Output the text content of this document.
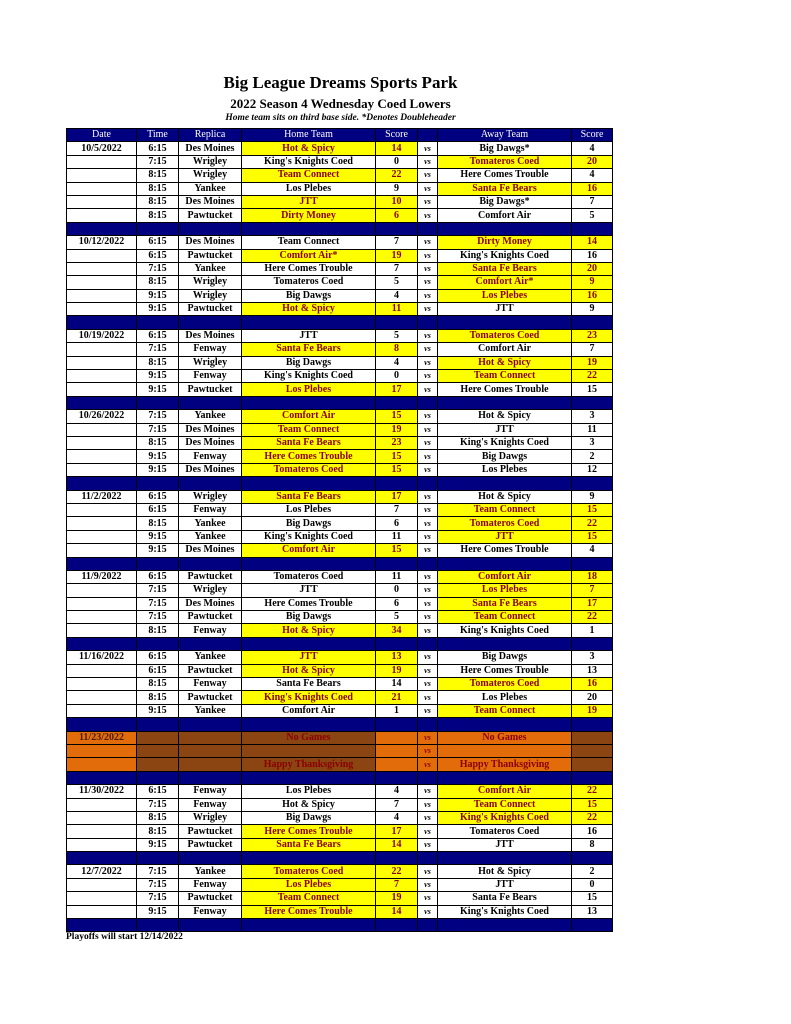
Big League Dreams Sports Park
2022 Season 4 Wednesday Coed Lowers
Home team sits on third base side. *Denotes Doubleheader
Date	Time	Replica	Home Team	Score		Away Team	Score
10/5/2022	6:15	Des Moines	Hot & Spicy	14	vs	Big Dawgs*	4
	7:15	Wrigley	King's Knights Coed	0	vs	Tomateros Coed	20
	8:15	Wrigley	Team Connect	22	vs	Here Comes Trouble	4
	8:15	Yankee	Los Plebes	9	vs	Santa Fe Bears	16
	8:15	Des Moines	JTT	10	vs	Big Dawgs*	7
	8:15	Pawtucket	Dirty Money	6	vs	Comfort Air	5

10/12/2022	6:15	Des Moines	Team Connect	7	vs	Dirty Money	14
	6:15	Pawtucket	Comfort Air*	19	vs	King's Knights Coed	16
	7:15	Yankee	Here Comes Trouble	7	vs	Santa Fe Bears	20
	8:15	Wrigley	Tomateros Coed	5	vs	Comfort Air*	9
	9:15	Wrigley	Big Dawgs	4	vs	Los Plebes	16
	9:15	Pawtucket	Hot & Spicy	11	vs	JTT	9

10/19/2022	6:15	Des Moines	JTT	5	vs	Tomateros Coed	23
	7:15	Fenway	Santa Fe Bears	8	vs	Comfort Air	7
	8:15	Wrigley	Big Dawgs	4	vs	Hot & Spicy	19
	9:15	Fenway	King's Knights Coed	0	vs	Team Connect	22
	9:15	Pawtucket	Los Plebes	17	vs	Here Comes Trouble	15

10/26/2022	7:15	Yankee	Comfort Air	15	vs	Hot & Spicy	3
	7:15	Des Moines	Team Connect	19	vs	JTT	11
	8:15	Des Moines	Santa Fe Bears	23	vs	King's Knights Coed	3
	9:15	Fenway	Here Comes Trouble	15	vs	Big Dawgs	2
	9:15	Des Moines	Tomateros Coed	15	vs	Los Plebes	12

11/2/2022	6:15	Wrigley	Santa Fe Bears	17	vs	Hot & Spicy	9
	6:15	Fenway	Los Plebes	7	vs	Team Connect	15
	8:15	Yankee	Big Dawgs	6	vs	Tomateros Coed	22
	9:15	Yankee	King's Knights Coed	11	vs	JTT	15
	9:15	Des Moines	Comfort Air	15	vs	Here Comes Trouble	4

11/9/2022	6:15	Pawtucket	Tomateros Coed	11	vs	Comfort Air	18
	7:15	Wrigley	JTT	0	vs	Los Plebes	7
	7:15	Des Moines	Here Comes Trouble	6	vs	Santa Fe Bears	17
	7:15	Pawtucket	Big Dawgs	5	vs	Team Connect	22
	8:15	Fenway	Hot & Spicy	34	vs	King's Knights Coed	1

11/16/2022	6:15	Yankee	JTT	13	vs	Big Dawgs	3
	6:15	Pawtucket	Hot & Spicy	19	vs	Here Comes Trouble	13
	8:15	Fenway	Santa Fe Bears	14	vs	Tomateros Coed	16
	8:15	Pawtucket	King's Knights Coed	21	vs	Los Plebes	20
	9:15	Yankee	Comfort Air	1	vs	Team Connect	19

11/23/2022			No Games		vs	No Games	
					vs		
			Happy Thanksgiving		vs	Happy Thanksgiving	

11/30/2022	6:15	Fenway	Los Plebes	4	vs	Comfort Air	22
	7:15	Fenway	Hot & Spicy	7	vs	Team Connect	15
	8:15	Wrigley	Big Dawgs	4	vs	King's Knights Coed	22
	8:15	Pawtucket	Here Comes Trouble	17	vs	Tomateros Coed	16
	9:15	Pawtucket	Santa Fe Bears	14	vs	JTT	8

12/7/2022	7:15	Yankee	Tomateros Coed	22	vs	Hot & Spicy	2
	7:15	Fenway	Los Plebes	7	vs	JTT	0
	7:15	Pawtucket	Team Connect	19	vs	Santa Fe Bears	15
	9:15	Fenway	Here Comes Trouble	14	vs	King's Knights Coed	13

Playoffs will start 12/14/2022
